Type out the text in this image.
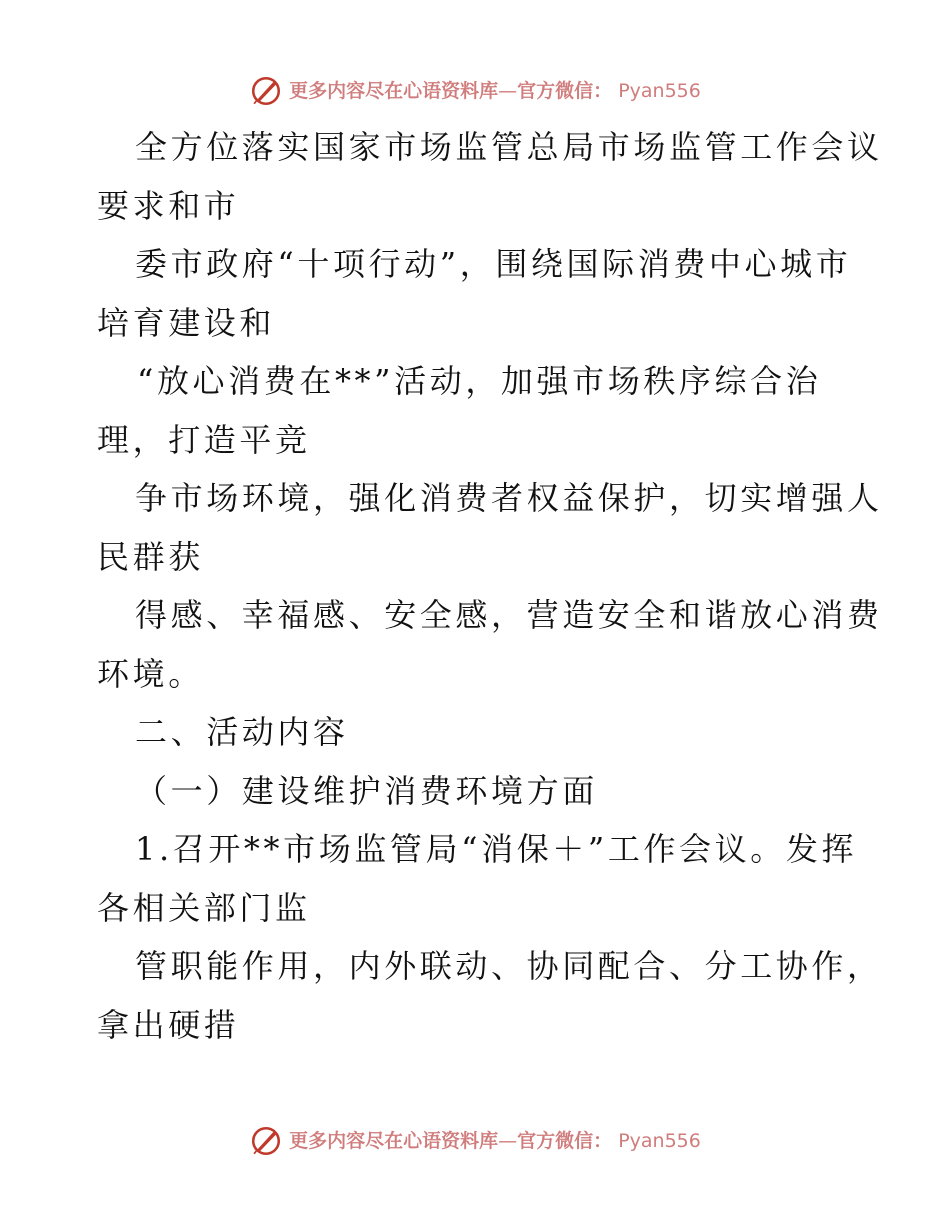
更多内容尽在心语资料库—官方微信： Pyan556
全方位落实国家市场监管总局市场监管工作会议
要求和市
委市政府“十项行动”，围绕国际消费中心城市
培育建设和
“放心消费在**”活动，加强市场秩序综合治
理，打造平竞
争市场环境，强化消费者权益保护，切实增强人
民群获
得感、幸福感、安全感，营造安全和谐放心消费
环境。
二、活动内容
（一）建设维护消费环境方面
1.召开**市场监管局“消保＋”工作会议。发挥
各相关部门监
管职能作用，内外联动、协同配合、分工协作，
拿出硬措
更多内容尽在心语资料库—官方微信： Pyan556
